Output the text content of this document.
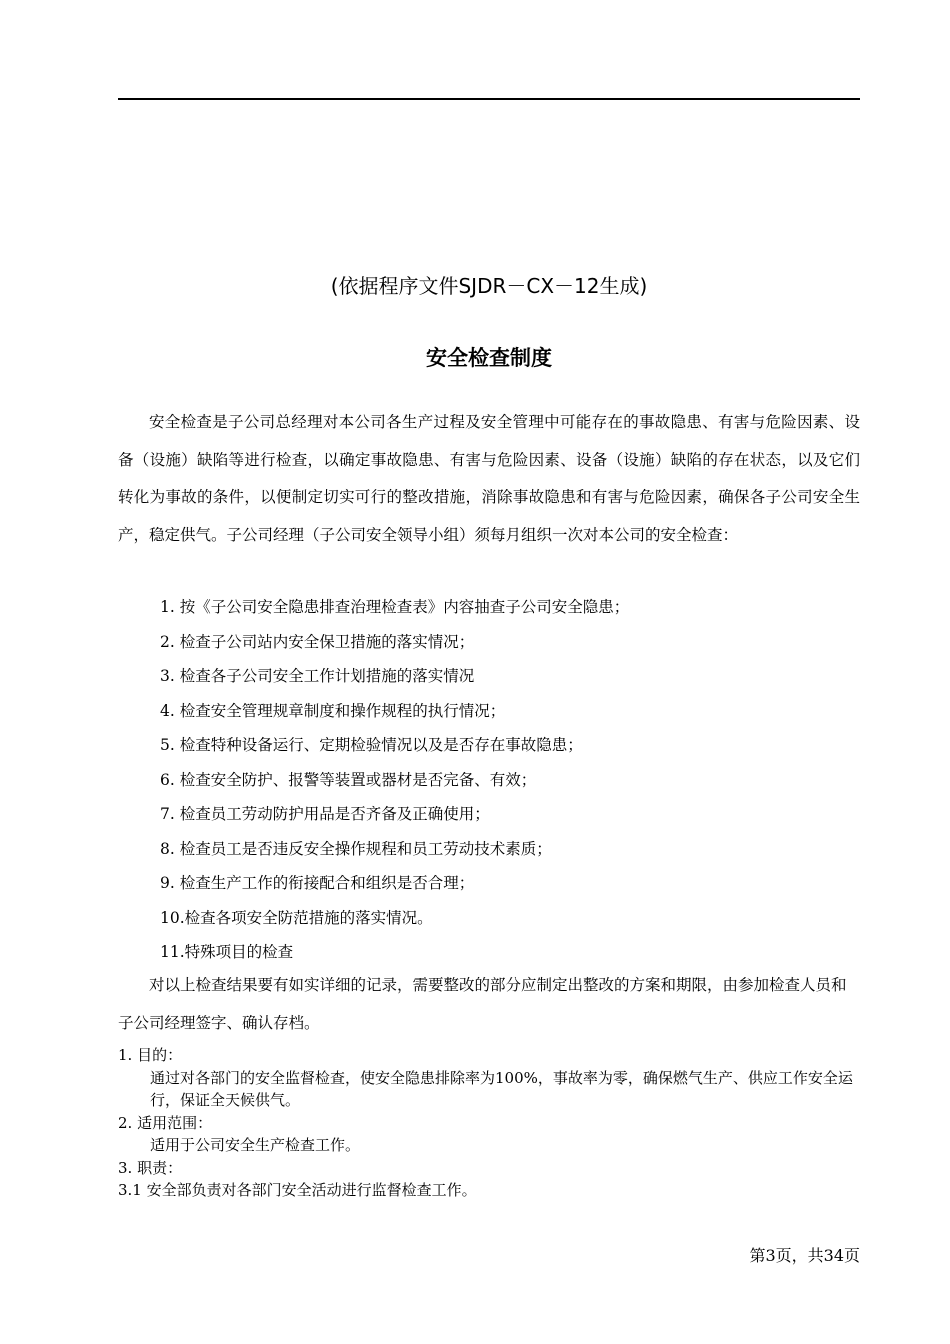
(依据程序文件SJDR－CX－12生成)
安全检查制度
安全检查是子公司总经理对本公司各生产过程及安全管理中可能存在的事故隐患、有害与危险因素、设备（设施）缺陷等进行检查，以确定事故隐患、有害与危险因素、设备（设施）缺陷的存在状态，以及它们转化为事故的条件，以便制定切实可行的整改措施，消除事故隐患和有害与危险因素，确保各子公司安全生产，稳定供气。子公司经理（子公司安全领导小组）须每月组织一次对本公司的安全检查：
1. 按《子公司安全隐患排查治理检查表》内容抽查子公司安全隐患；
2. 检查子公司站内安全保卫措施的落实情况；
3. 检查各子公司安全工作计划措施的落实情况
4. 检查安全管理规章制度和操作规程的执行情况；
5. 检查特种设备运行、定期检验情况以及是否存在事故隐患；
6. 检查安全防护、报警等装置或器材是否完备、有效；
7. 检查员工劳动防护用品是否齐备及正确使用；
8. 检查员工是否违反安全操作规程和员工劳动技术素质；
9. 检查生产工作的衔接配合和组织是否合理；
10.检查各项安全防范措施的落实情况。
11.特殊项目的检查
对以上检查结果要有如实详细的记录，需要整改的部分应制定出整改的方案和期限，由参加检查人员和子公司经理签字、确认存档。
1. 目的：
通过对各部门的安全监督检查，使安全隐患排除率为100%，事故率为零，确保燃气生产、供应工作安全运行，保证全天候供气。
2. 适用范围：
适用于公司安全生产检查工作。
3. 职责：
3.1 安全部负责对各部门安全活动进行监督检查工作。
第3页，共34页
